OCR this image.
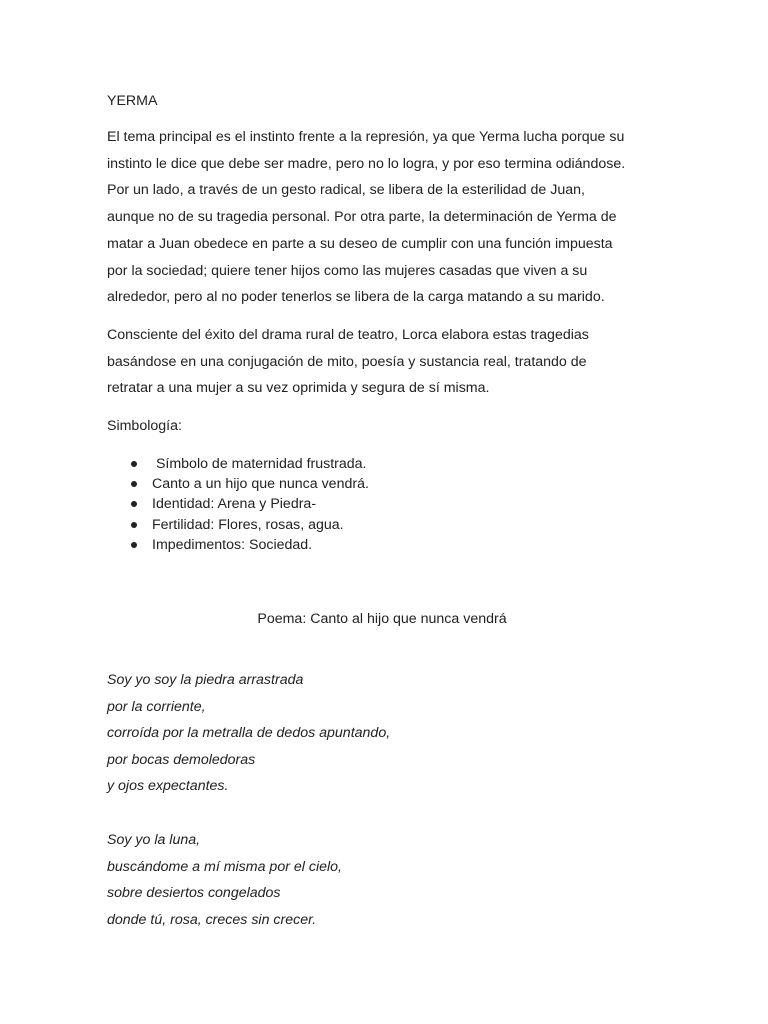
YERMA

El tema principal es el instinto frente a la represión, ya que Yerma lucha porque su
instinto le dice que debe ser madre, pero no lo logra, y por eso termina odiándose.
Por un lado, a través de un gesto radical, se libera de la esterilidad de Juan,
aunque no de su tragedia personal. Por otra parte, la determinación de Yerma de
matar a Juan obedece en parte a su deseo de cumplir con una función impuesta
por la sociedad; quiere tener hijos como las mujeres casadas que viven a su
alrededor, pero al no poder tenerlos se libera de la carga matando a su marido.

Consciente del éxito del drama rural de teatro, Lorca elabora estas tragedias
basándose en una conjugación de mito, poesía y sustancia real, tratando de
retratar a una mujer a su vez oprimida y segura de sí misma.

Simbología:

Símbolo de maternidad frustrada.
Canto a un hijo que nunca vendrá.
Identidad: Arena y Piedra-
Fertilidad: Flores, rosas, agua.
Impedimentos: Sociedad.
Poema: Canto al hijo que nunca vendrá

Soy yo soy la piedra arrastrada
por la corriente,
corroída por la metralla de dedos apuntando,
por bocas demoledoras
y ojos expectantes.

Soy yo la luna,
buscándome a mí misma por el cielo,
sobre desiertos congelados
donde tú, rosa, creces sin crecer.
